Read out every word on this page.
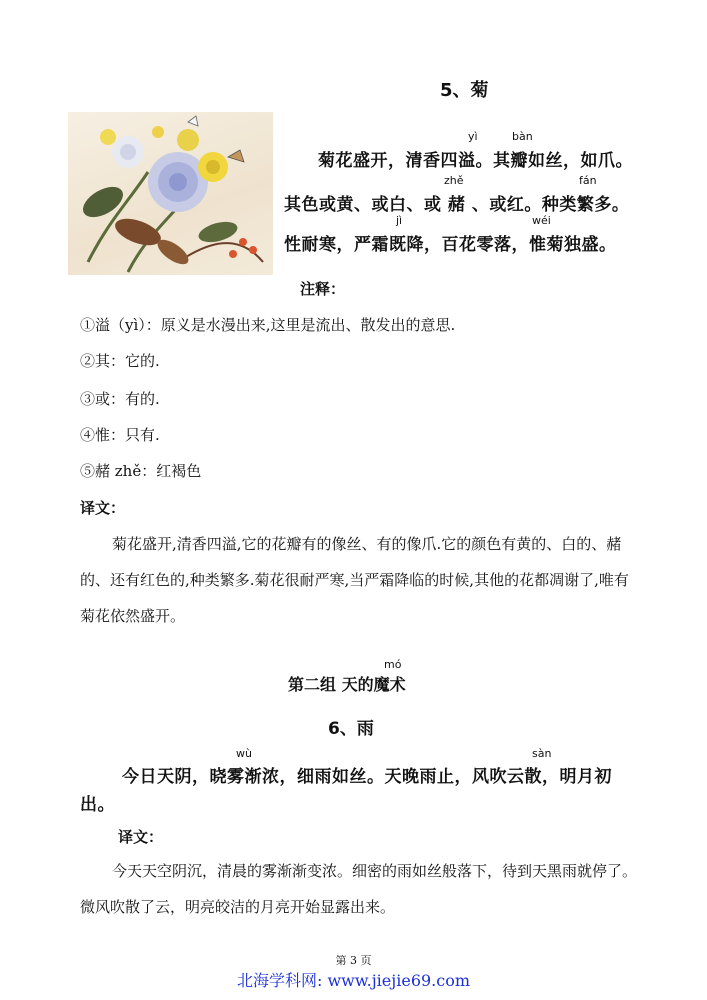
5、菊
菊花盛开，清香四溢。其瓣如丝，如爪。
yì	bàn
其色或黄、或白、或 赭 、或红。种类繁多。
zhě	fán
性耐寒，严霜既降，百花零落，惟菊独盛。
jì	wéi
注释：
①溢（yì）：原义是水漫出来,这里是流出、散发出的意思.
②其：它的.
③或：有的.
④惟：只有.
⑤赭 zhě：红褐色
译文：
菊花盛开,清香四溢,它的花瓣有的像丝、有的像爪.它的颜色有黄的、白的、赭的、还有红色的,种类繁多.菊花很耐严寒,当严霜降临的时候,其他的花都凋谢了,唯有菊花依然盛开。
mó
第二组 天的魔术
6、雨
wù	sàn
今日天阴，晓雾渐浓，细雨如丝。天晚雨止，风吹云散，明月初
出。
译文：
今天天空阴沉，清晨的雾渐渐变浓。细密的雨如丝般落下，待到天黑雨就停了。微风吹散了云，明亮皎洁的月亮开始显露出来。
第 3 页
北海学科网: www.jiejie69.com
